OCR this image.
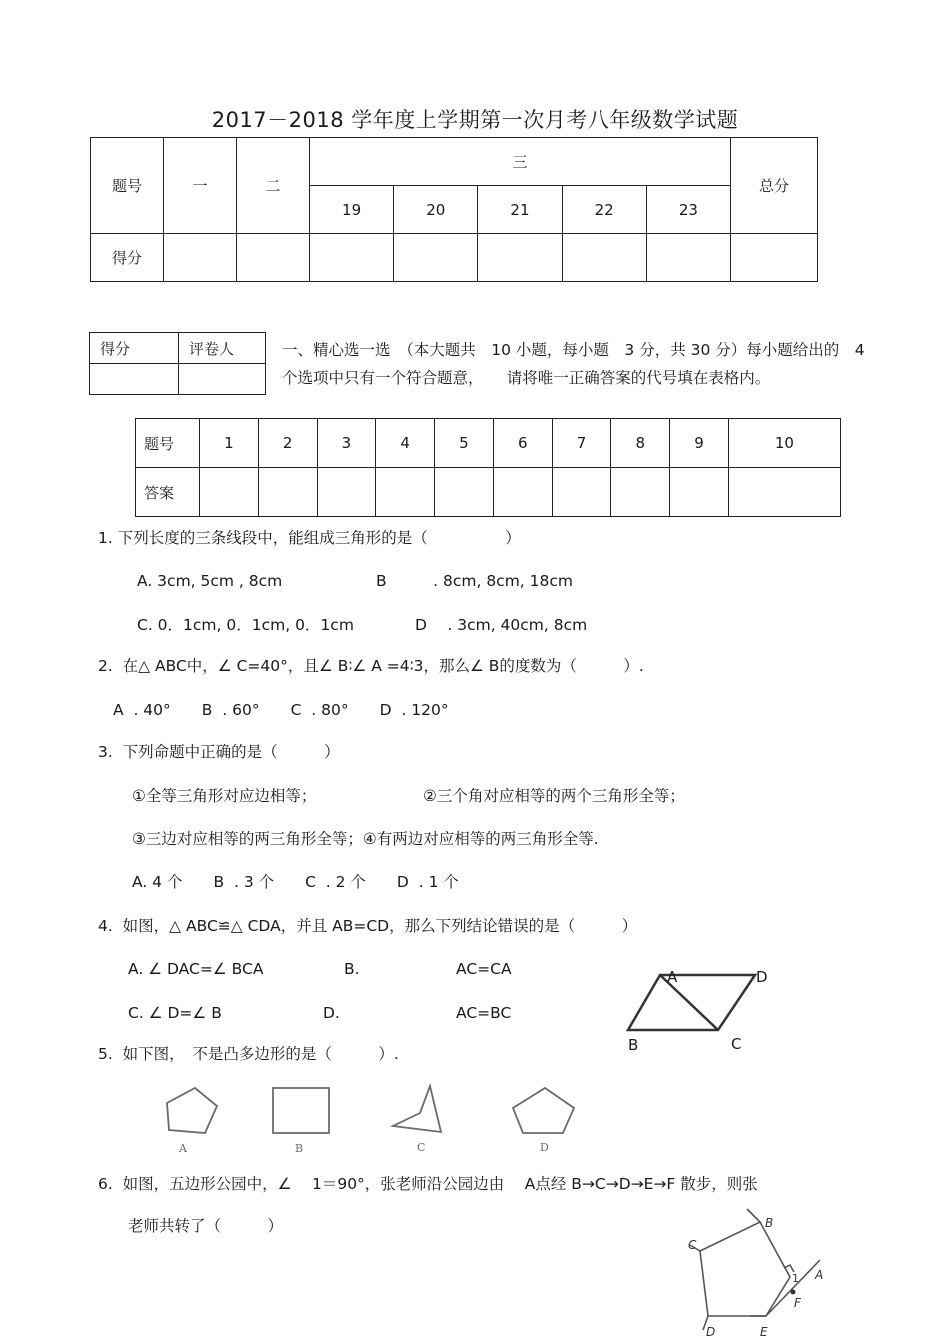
2017－2018 学年度上学期第一次月考八年级数学试题
题号	一	二	三					总分
			19	20	21	22	23	
得分								
得分	评卷人
		一、精心选一选　（本大题共　10 小题，每小题　3 分，共 30 分）每小题给出的　4 个选项中只有一个符合题意，　　请将唯一正确答案的代号填在表格内。
题号	1	2	3	4	5	6	7	8	9	10
答案										
1. 下列长度的三条线段中，能组成三角形的是（　　　　　）
A. 3cm, 5cm , 8cm	B　　　. 8cm, 8cm, 18cm
C. 0．1cm, 0．1cm, 0．1cm	D　 . 3cm, 40cm, 8cm
2.  在△ ABC中，∠ C=40°，且∠ B∶∠ A =4∶3，那么∠ B的度数为（　　　）.
A  . 40°　　B  . 60°　　C  . 80°　　D  . 120°
3.  下列命题中正确的是（　　　）
①全等三角形对应边相等；	②三个角对应相等的两个三角形全等；
③三边对应相等的两三角形全等；④有两边对应相等的两三角形全等.
A. 4 个　　B  . 3 个　　C  . 2 个　　D  . 1 个
4.  如图，△ ABC≌△ CDA，并且 AB=CD，那么下列结论错误的是（　　　）
A. ∠ DAC=∠ BCA	B.	AC=CA
C. ∠ D=∠ B	D.	AC=BC
A	D
B	C
5.  如下图，　不是凸多边形的是（　　　）.
A	B	C	D
6.  如图，五边形公园中，∠　 1＝90°，张老师沿公园边由　 A点经 B→C→D→E→F 散步，则张
老师共转了（　　　）	B
C
D	E
F
A
1
